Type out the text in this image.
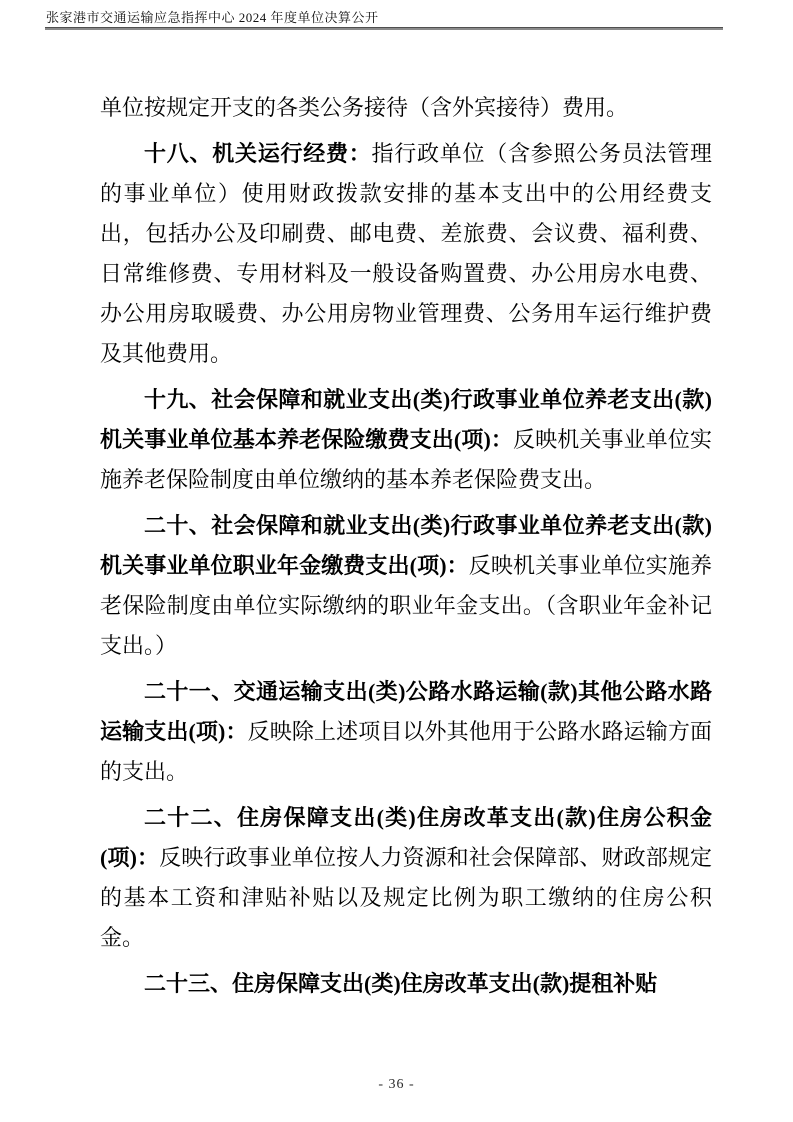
张家港市交通运输应急指挥中心 2024 年度单位决算公开

单位按规定开支的各类公务接待（含外宾接待）费用。

十八、机关运行经费：指行政单位（含参照公务员法管理的事业单位）使用财政拨款安排的基本支出中的公用经费支出，包括办公及印刷费、邮电费、差旅费、会议费、福利费、日常维修费、专用材料及一般设备购置费、办公用房水电费、办公用房取暖费、办公用房物业管理费、公务用车运行维护费及其他费用。

十九、社会保障和就业支出(类)行政事业单位养老支出(款)机关事业单位基本养老保险缴费支出(项)：反映机关事业单位实施养老保险制度由单位缴纳的基本养老保险费支出。

二十、社会保障和就业支出(类)行政事业单位养老支出(款)机关事业单位职业年金缴费支出(项)：反映机关事业单位实施养老保险制度由单位实际缴纳的职业年金支出。（含职业年金补记支出。）

二十一、交通运输支出(类)公路水路运输(款)其他公路水路运输支出(项)：反映除上述项目以外其他用于公路水路运输方面的支出。

二十二、住房保障支出(类)住房改革支出(款)住房公积金(项)：反映行政事业单位按人力资源和社会保障部、财政部规定的基本工资和津贴补贴以及规定比例为职工缴纳的住房公积金。

二十三、住房保障支出(类)住房改革支出(款)提租补贴

- 36 -
